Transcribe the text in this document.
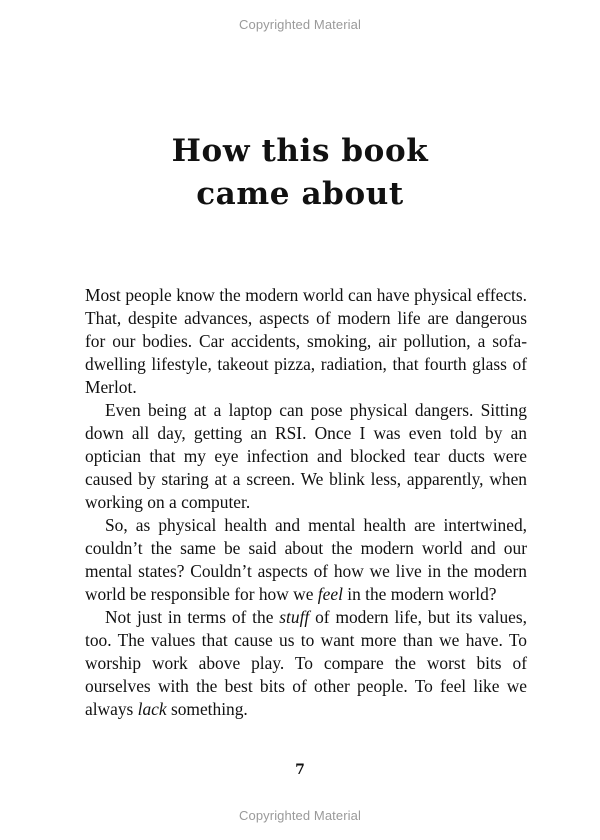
Copyrighted Material
How this book
came about

Most people know the modern world can have physical effects. That, despite advances, aspects of modern life are dangerous for our bodies. Car accidents, smoking, air pollution, a sofa-dwelling lifestyle, takeout pizza, radiation, that fourth glass of Merlot.

Even being at a laptop can pose physical dangers. Sitting down all day, getting an RSI. Once I was even told by an optician that my eye infection and blocked tear ducts were caused by staring at a screen. We blink less, apparently, when working on a computer.

So, as physical health and mental health are intertwined, couldn’t the same be said about the modern world and our mental states? Couldn’t aspects of how we live in the modern world be responsible for how we feel in the modern world?

Not just in terms of the stuff of modern life, but its values, too. The values that cause us to want more than we have. To worship work above play. To compare the worst bits of ourselves with the best bits of other people. To feel like we always lack something.

7
Copyrighted Material
